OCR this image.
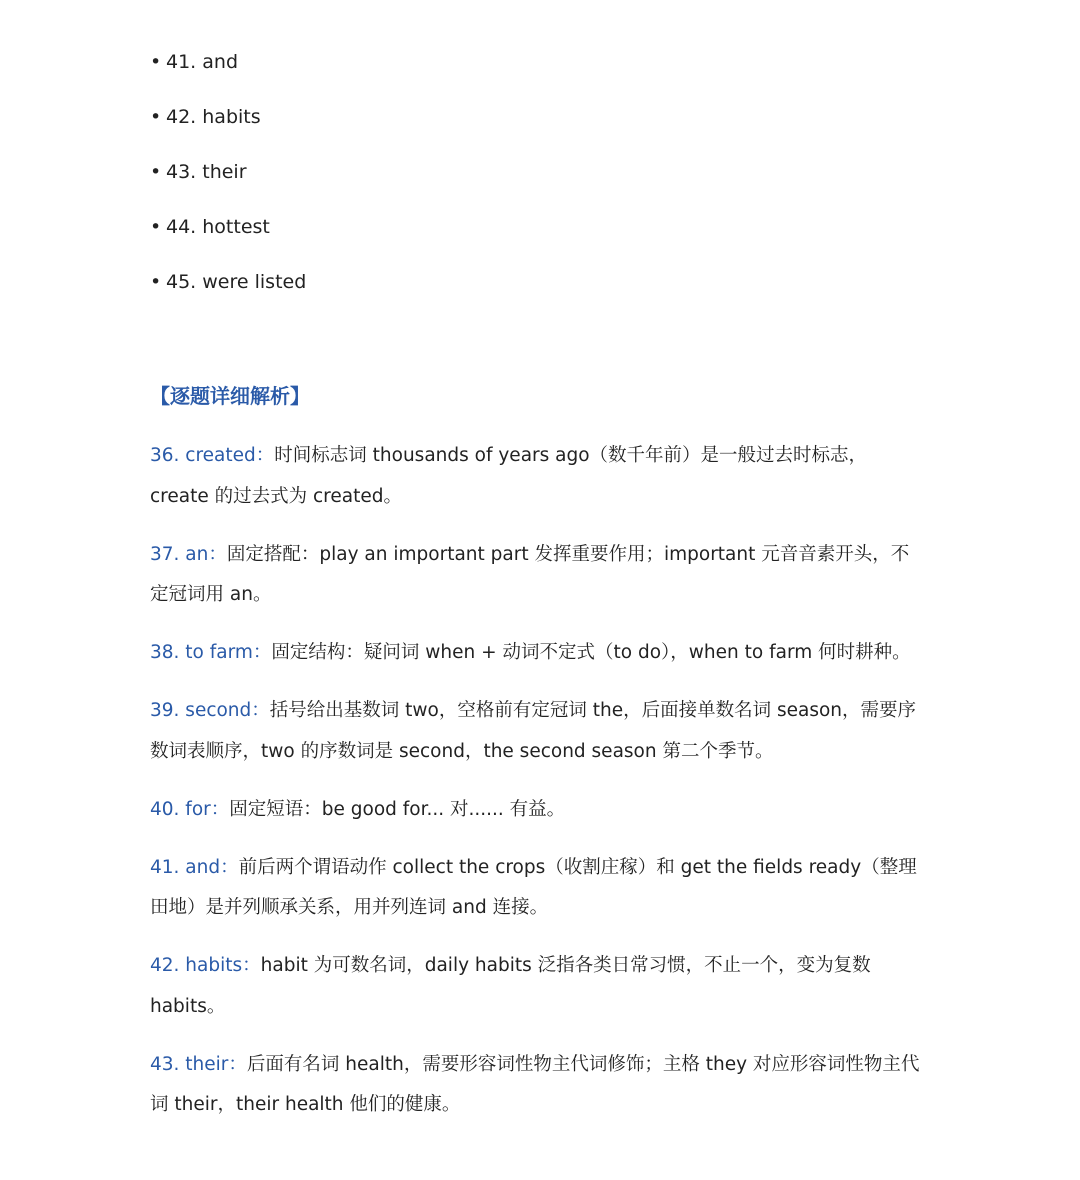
• 41. and
• 42. habits
• 43. their
• 44. hottest
• 45. were listed
【逐题详细解析】

36. created：时间标志词 thousands of years ago（数千年前）是一般过去时标志，create 的过去式为 created。

37. an：固定搭配：play an important part 发挥重要作用；important 元音音素开头，不定冠词用 an。

38. to farm：固定结构：疑问词 when + 动词不定式（to do），when to farm 何时耕种。

39. second：括号给出基数词 two，空格前有定冠词 the，后面接单数名词 season，需要序数词表顺序，two 的序数词是 second，the second season 第二个季节。

40. for：固定短语：be good for... 对...... 有益。

41. and：前后两个谓语动作 collect the crops（收割庄稼）和 get the fields ready（整理田地）是并列顺承关系，用并列连词 and 连接。

42. habits：habit 为可数名词，daily habits 泛指各类日常习惯，不止一个，变为复数 habits。

43. their：后面有名词 health，需要形容词性物主代词修饰；主格 they 对应形容词性物主代词 their，their health 他们的健康。
